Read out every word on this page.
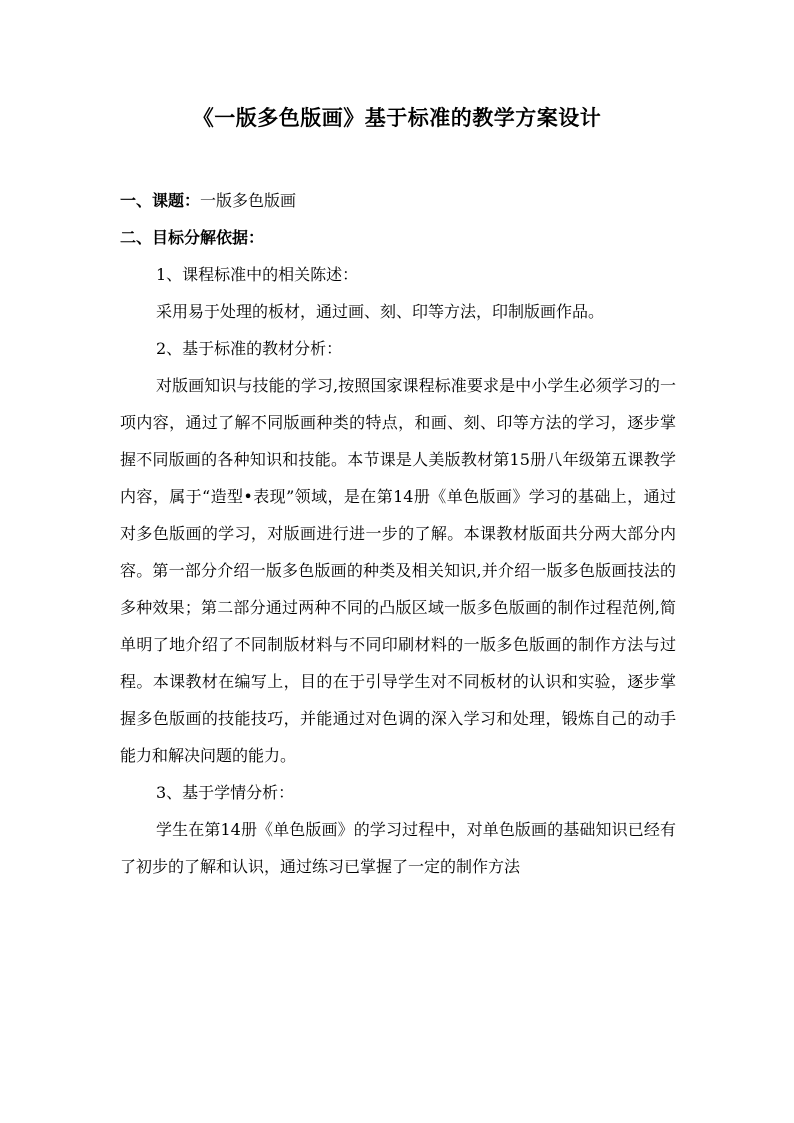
《一版多色版画》基于标准的教学方案设计

一、课题：一版多色版画

二、目标分解依据：

1、课程标准中的相关陈述：

采用易于处理的板材，通过画、刻、印等方法，印制版画作品。

2、基于标准的教材分析：

对版画知识与技能的学习,按照国家课程标准要求是中小学生必须学习的一项内容，通过了解不同版画种类的特点，和画、刻、印等方法的学习，逐步掌握不同版画的各种知识和技能。本节课是人美版教材第15册八年级第五课教学内容，属于“造型•表现”领域，是在第14册《单色版画》学习的基础上，通过对多色版画的学习，对版画进行进一步的了解。本课教材版面共分两大部分内容。第一部分介绍一版多色版画的种类及相关知识,并介绍一版多色版画技法的多种效果；第二部分通过两种不同的凸版区域一版多色版画的制作过程范例,简单明了地介绍了不同制版材料与不同印刷材料的一版多色版画的制作方法与过程。本课教材在编写上，目的在于引导学生对不同板材的认识和实验，逐步掌握多色版画的技能技巧，并能通过对色调的深入学习和处理，锻炼自己的动手能力和解决问题的能力。

3、基于学情分析：

学生在第14册《单色版画》的学习过程中，对单色版画的基础知识已经有了初步的了解和认识，通过练习已掌握了一定的制作方法
